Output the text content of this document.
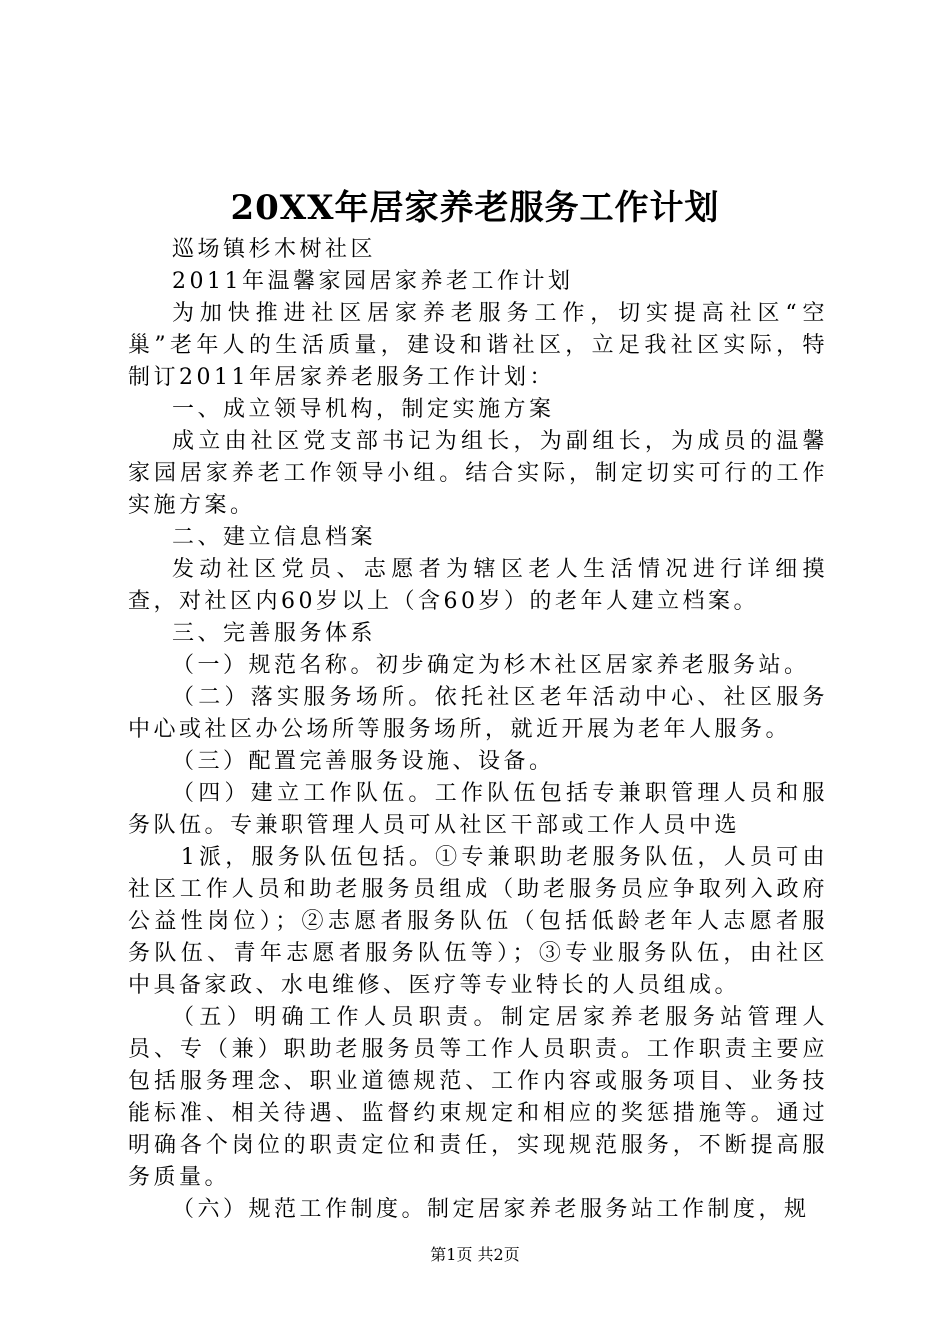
20XX年居家养老服务工作计划

巡场镇杉木树社区

2011年温馨家园居家养老工作计划

为加快推进社区居家养老服务工作，切实提高社区“空巢”老年人的生活质量，建设和谐社区，立足我社区实际，特制订2011年居家养老服务工作计划：

一、成立领导机构，制定实施方案

成立由社区党支部书记为组长，为副组长，为成员的温馨家园居家养老工作领导小组。结合实际，制定切实可行的工作实施方案。

二、建立信息档案

发动社区党员、志愿者为辖区老人生活情况进行详细摸查，对社区内60岁以上（含60岁）的老年人建立档案。

三、完善服务体系

（一）规范名称。初步确定为杉木社区居家养老服务站。

（二）落实服务场所。依托社区老年活动中心、社区服务中心或社区办公场所等服务场所，就近开展为老年人服务。

（三）配置完善服务设施、设备。

（四）建立工作队伍。工作队伍包括专兼职管理人员和服务队伍。专兼职管理人员可从社区干部或工作人员中选

1派，服务队伍包括。①专兼职助老服务队伍，人员可由社区工作人员和助老服务员组成（助老服务员应争取列入政府公益性岗位）；②志愿者服务队伍（包括低龄老年人志愿者服务队伍、青年志愿者服务队伍等）；③专业服务队伍，由社区中具备家政、水电维修、医疗等专业特长的人员组成。

（五）明确工作人员职责。制定居家养老服务站管理人员、专（兼）职助老服务员等工作人员职责。工作职责主要应包括服务理念、职业道德规范、工作内容或服务项目、业务技能标准、相关待遇、监督约束规定和相应的奖惩措施等。通过明确各个岗位的职责定位和责任，实现规范服务，不断提高服务质量。

（六）规范工作制度。制定居家养老服务站工作制度，规

第1页 共2页
